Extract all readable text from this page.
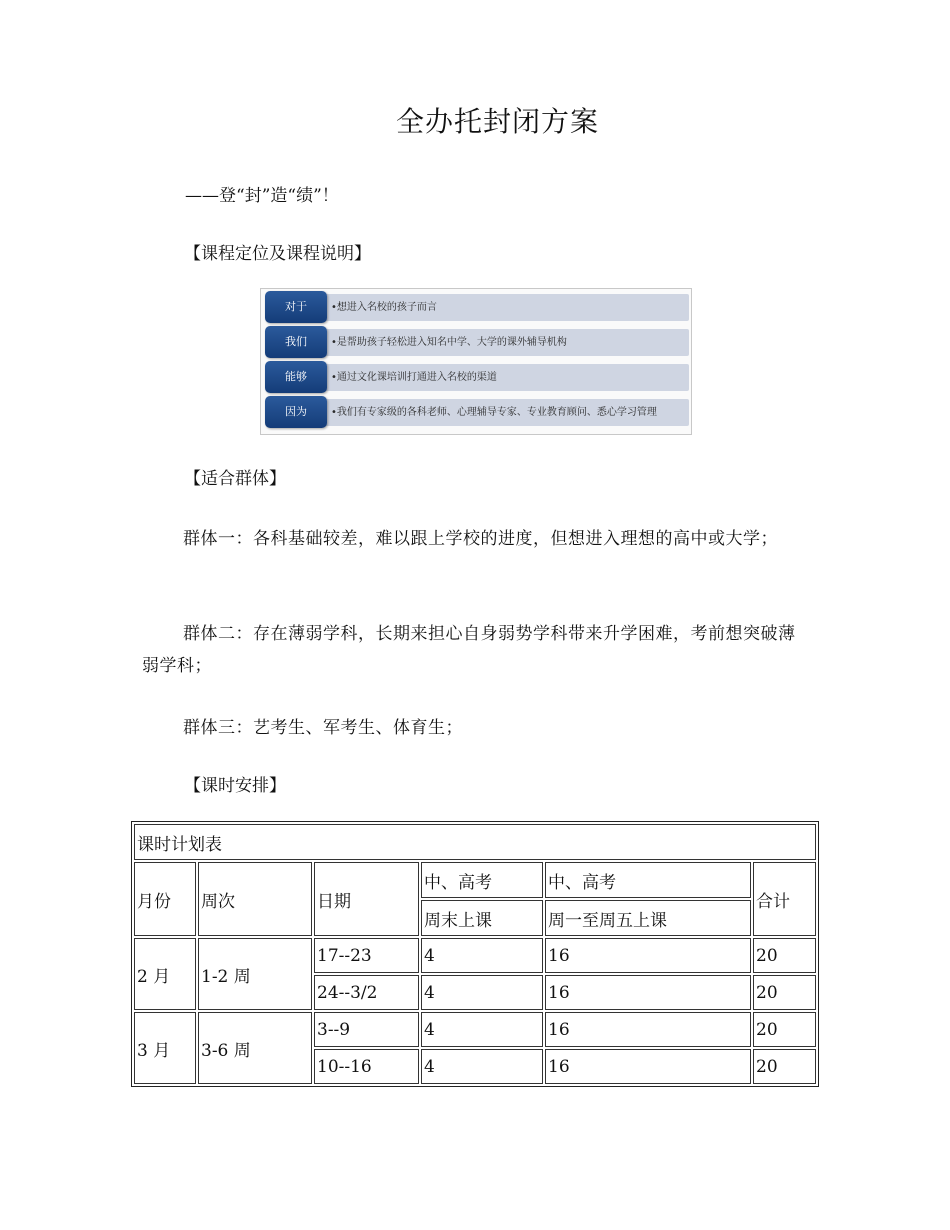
全办托封闭方案
——登“封”造“绩”！
【课程定位及课程说明】
对于	•想进入名校的孩子而言
我们	•是帮助孩子轻松进入知名中学、大学的课外辅导机构
能够	•通过文化课培训打通进入名校的渠道
因为	•我们有专家级的各科老师、心理辅导专家、专业教育顾问、悉心学习管理
【适合群体】
群体一：各科基础较差，难以跟上学校的进度，但想进入理想的高中或大学；
群体二：存在薄弱学科，长期来担心自身弱势学科带来升学困难，考前想突破薄弱学科；
群体三：艺考生、军考生、体育生；
【课时安排】
课时计划表					
月份	周次	日期	中、高考	中、高考	合计
			周末上课	周一至周五上课	
2 月	1-2 周	17--23	4	16	20
		24--3/2	4	16	20
3 月	3-6 周	3--9	4	16	20
		10--16	4	16	20
